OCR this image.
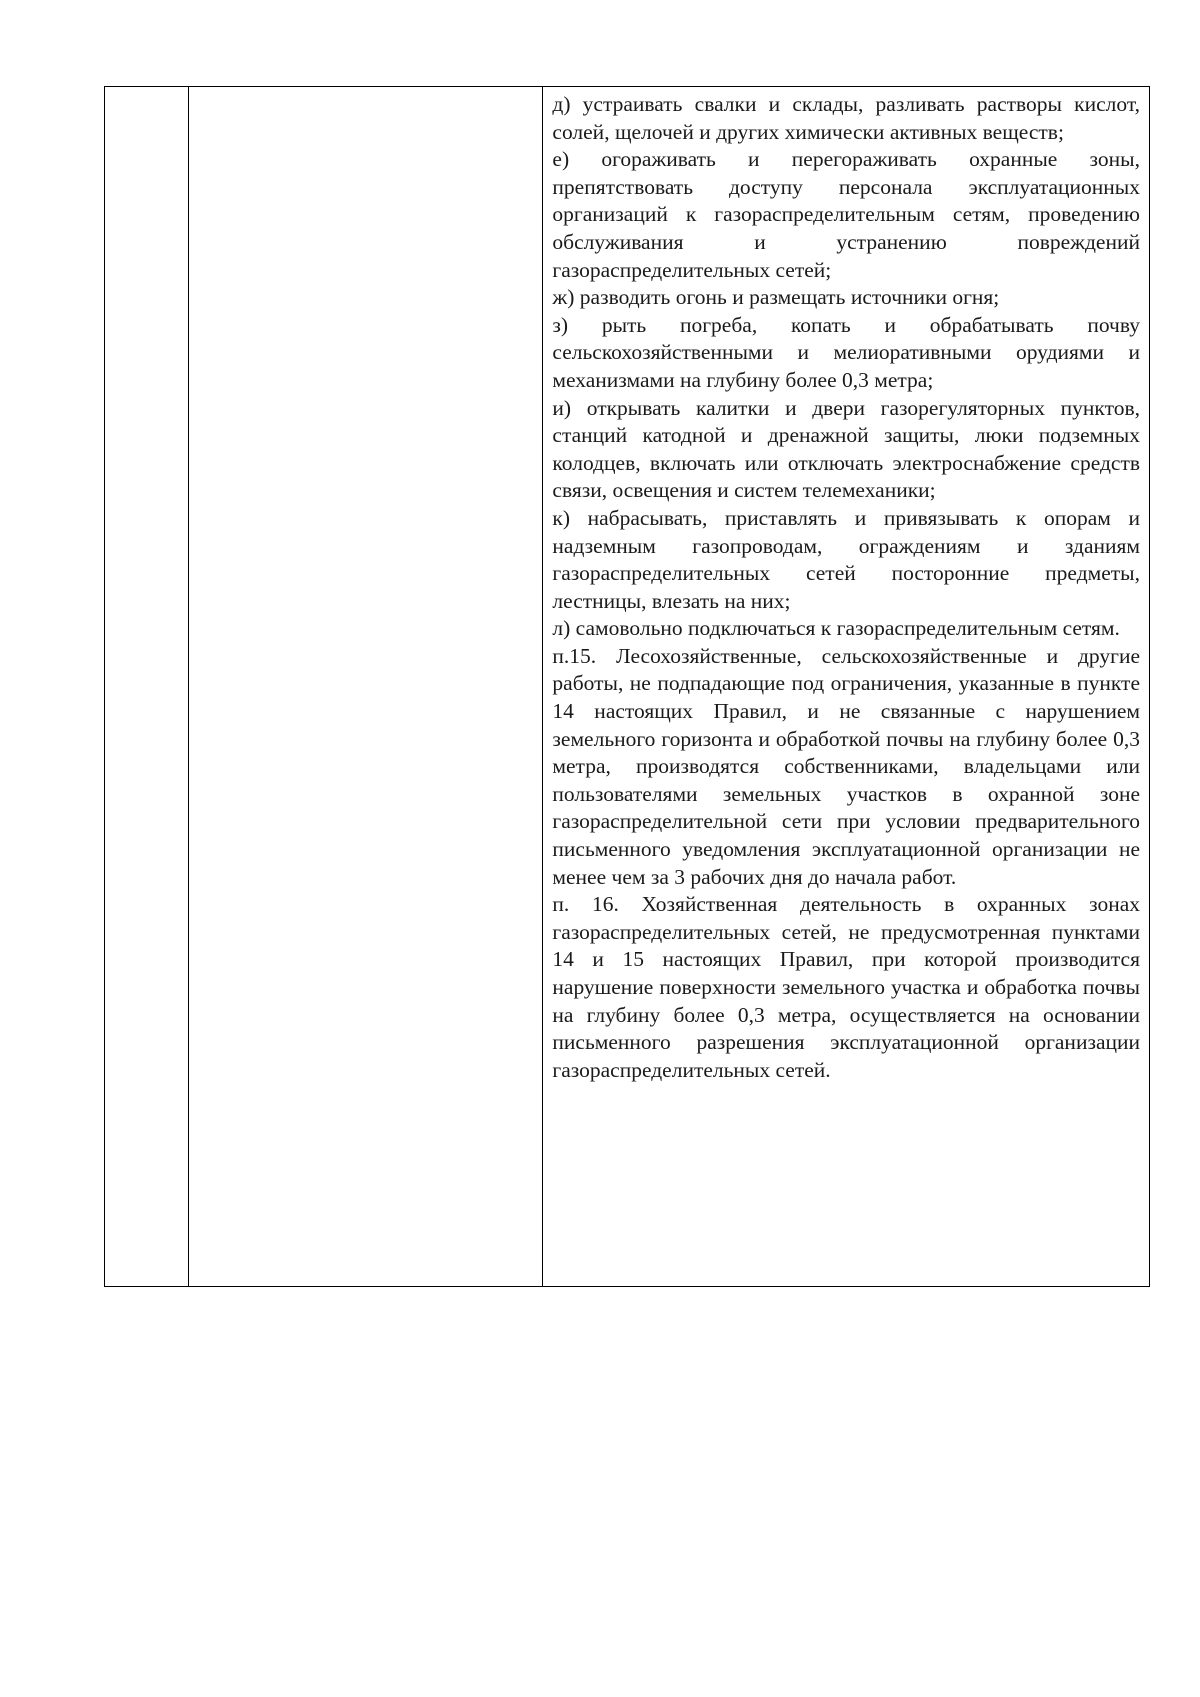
д) устраивать свалки и склады, разливать растворы кислот, солей, щелочей и других химически активных веществ;

е) огораживать и перегораживать охранные зоны, препятствовать доступу персонала эксплуатационных организаций к газораспределительным сетям, проведению обслуживания и устранению повреждений газораспределительных сетей;

ж) разводить огонь и размещать источники огня;

з) рыть погреба, копать и обрабатывать почву сельскохозяйственными и мелиоративными орудиями и механизмами на глубину более 0,3 метра;

и) открывать калитки и двери газорегуляторных пунктов, станций катодной и дренажной защиты, люки подземных колодцев, включать или отключать электроснабжение средств связи, освещения и систем телемеханики;

к) набрасывать, приставлять и привязывать к опорам и надземным газопроводам, ограждениям и зданиям газораспределительных сетей посторонние предметы, лестницы, влезать на них;

л) самовольно подключаться к газораспределительным сетям.

п.15. Лесохозяйственные, сельскохозяйственные и другие работы, не подпадающие под ограничения, указанные в пункте 14 настоящих Правил, и не связанные с нарушением земельного горизонта и обработкой почвы на глубину более 0,3 метра, производятся собственниками, владельцами или пользователями земельных участков в охранной зоне газораспределительной сети при условии предварительного письменного уведомления эксплуатационной организации не менее чем за 3 рабочих дня до начала работ.

п. 16. Хозяйственная деятельность в охранных зонах газораспределительных сетей, не предусмотренная пунктами 14 и 15 настоящих Правил, при которой производится нарушение поверхности земельного участка и обработка почвы на глубину более 0,3 метра, осуществляется на основании письменного разрешения эксплуатационной организации газораспределительных сетей.
